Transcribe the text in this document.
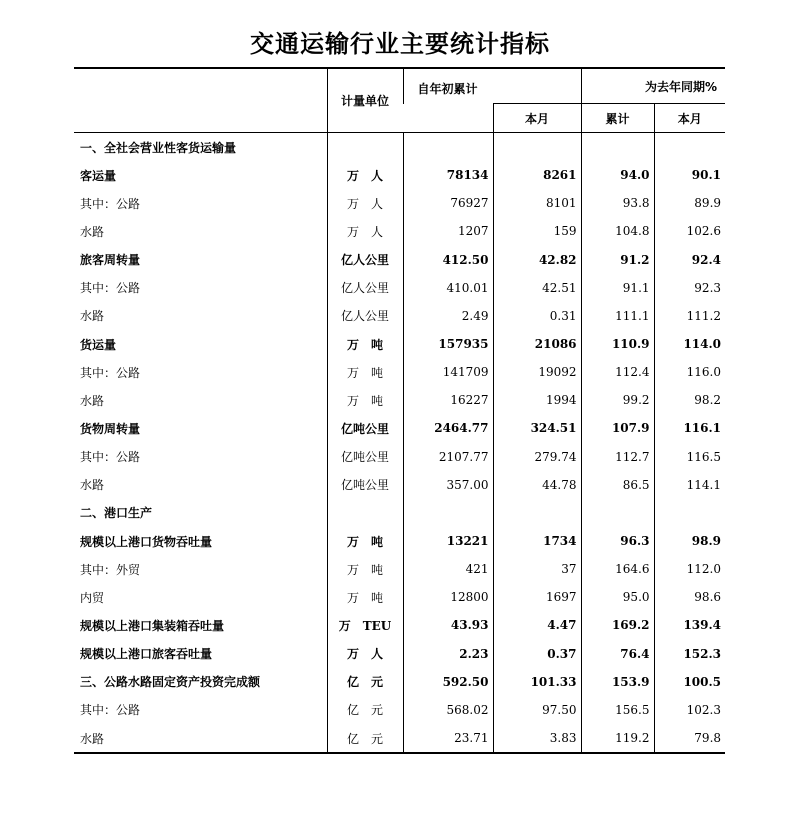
交通运输行业主要统计指标
	计量单位	自年初累计		为去年同期%	
			本月	累计	本月
一、全社会营业性客货运输量					
客运量	万　人	78134	8261	94.0	90.1
其中：公路	万　人	76927	8101	93.8	89.9
水路	万　人	1207	159	104.8	102.6
旅客周转量	亿人公里	412.50	42.82	91.2	92.4
其中：公路	亿人公里	410.01	42.51	91.1	92.3
水路	亿人公里	2.49	0.31	111.1	111.2
货运量	万　吨	157935	21086	110.9	114.0
其中：公路	万　吨	141709	19092	112.4	116.0
水路	万　吨	16227	1994	99.2	98.2
货物周转量	亿吨公里	2464.77	324.51	107.9	116.1
其中：公路	亿吨公里	2107.77	279.74	112.7	116.5
水路	亿吨公里	357.00	44.78	86.5	114.1
二、港口生产					
规模以上港口货物吞吐量	万　吨	13221	1734	96.3	98.9
其中：外贸	万　吨	421	37	164.6	112.0
内贸	万　吨	12800	1697	95.0	98.6
规模以上港口集装箱吞吐量	万　TEU	43.93	4.47	169.2	139.4
规模以上港口旅客吞吐量	万　人	2.23	0.37	76.4	152.3
三、公路水路固定资产投资完成额	亿　元	592.50	101.33	153.9	100.5
其中：公路	亿　元	568.02	97.50	156.5	102.3
水路	亿　元	23.71	3.83	119.2	79.8
